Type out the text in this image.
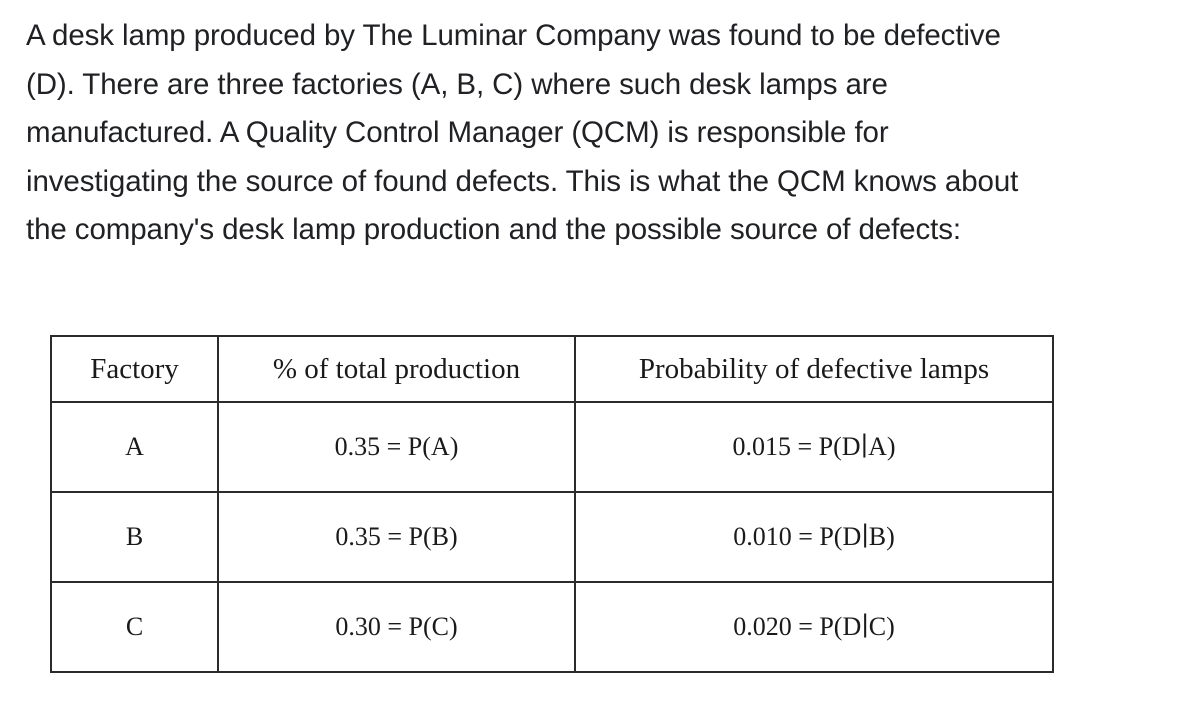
A desk lamp produced by The Luminar Company was found to be defective
(D). There are three factories (A, B, C) where such desk lamps are
manufactured. A Quality Control Manager (QCM) is responsible for
investigating the source of found defects. This is what the QCM knows about
the company's desk lamp production and the possible source of defects:

Factory	% of total production	Probability of defective lamps
A	0.35 = P(A)	0.015 = P(D∣A)
B	0.35 = P(B)	0.010 = P(D∣B)
C	0.30 = P(C)	0.020 = P(D∣C)
